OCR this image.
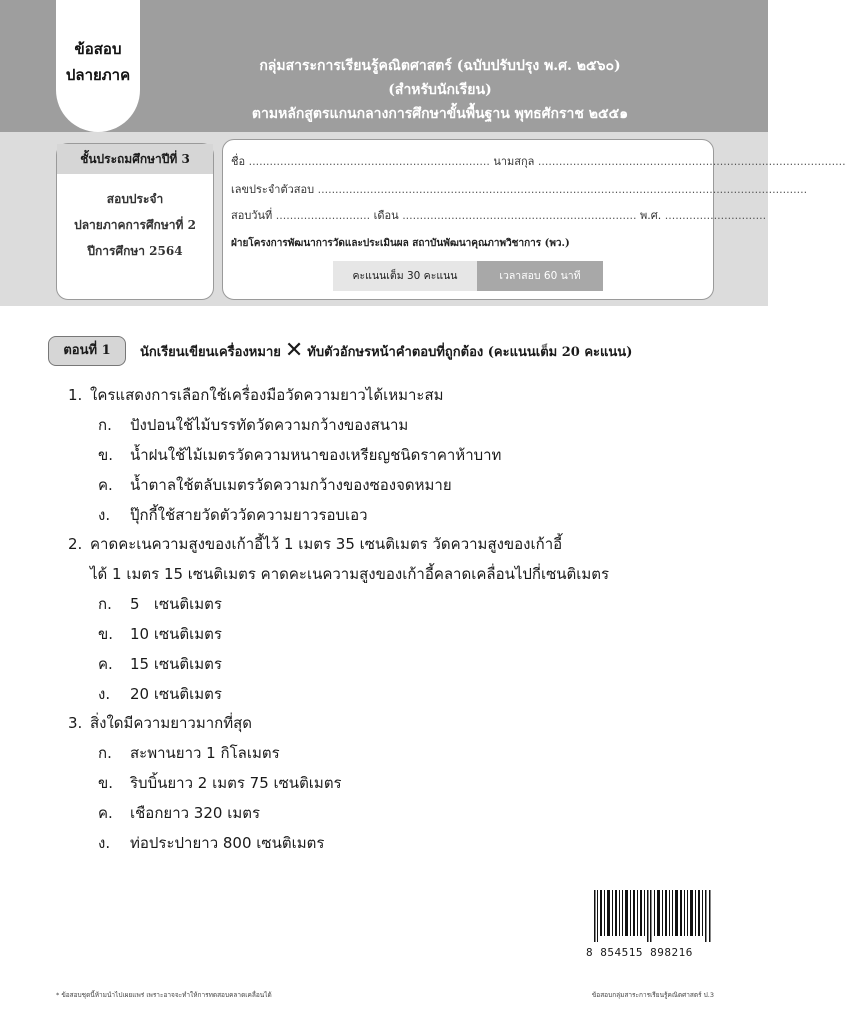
ข้อสอบ
ปลายภาค	กลุ่มสาระการเรียนรู้คณิตศาสตร์ (ฉบับปรับปรุง พ.ศ. ๒๕๖๐)
(สำหรับนักเรียน)
ตามหลักสูตรแกนกลางการศึกษาขั้นพื้นฐาน พุทธศักราช ๒๕๕๑
ชั้นประถมศึกษาปีที่ 3
สอบประจำ
ปลายภาคการศึกษาที่ 2
ปีการศึกษา 2564
ชื่อ ..................................................................... นามสกุล ........................................................................................
เลขประจำตัวสอบ ............................................................................................................................................
สอบวันที่ ........................... เดือน ................................................................... พ.ศ. .............................
ฝ่ายโครงการพัฒนาการวัดและประเมินผล สถาบันพัฒนาคุณภาพวิชาการ (พว.)
คะแนนเต็ม 30 คะแนน	เวลาสอบ 60 นาที
ตอนที่ 1	นักเรียนเขียนเครื่องหมาย ✕ ทับตัวอักษรหน้าคำตอบที่ถูกต้อง (คะแนนเต็ม 20 คะแนน)
1. ใครแสดงการเลือกใช้เครื่องมือวัดความยาวได้เหมาะสม
ก.	ปังปอนใช้ไม้บรรทัดวัดความกว้างของสนาม
ข.	น้ำฝนใช้ไม้เมตรวัดความหนาของเหรียญชนิดราคาห้าบาท
ค.	น้ำตาลใช้ตลับเมตรวัดความกว้างของซองจดหมาย
ง.	ปุ๊กกี้ใช้สายวัดตัววัดความยาวรอบเอว
2. คาดคะเนความสูงของเก้าอี้ไว้ 1 เมตร 35 เซนติเมตร วัดความสูงของเก้าอี้
ได้ 1 เมตร 15 เซนติเมตร คาดคะเนความสูงของเก้าอี้คลาดเคลื่อนไปกี่เซนติเมตร
ก.	5   เซนติเมตร
ข.	10 เซนติเมตร
ค.	15 เซนติเมตร
ง.	20 เซนติเมตร
3. สิ่งใดมีความยาวมากที่สุด
ก.	สะพานยาว 1 กิโลเมตร
ข.	ริบบิ้นยาว 2 เมตร 75 เซนติเมตร
ค.	เชือกยาว 320 เมตร
ง.	ท่อประปายาว 800 เซนติเมตร
8 854515 898216
* ข้อสอบชุดนี้ห้ามนำไปเผยแพร่ เพราะอาจจะทำให้การทดสอบคลาดเคลื่อนได้	ข้อสอบกลุ่มสาระการเรียนรู้คณิตศาสตร์ ป.3
